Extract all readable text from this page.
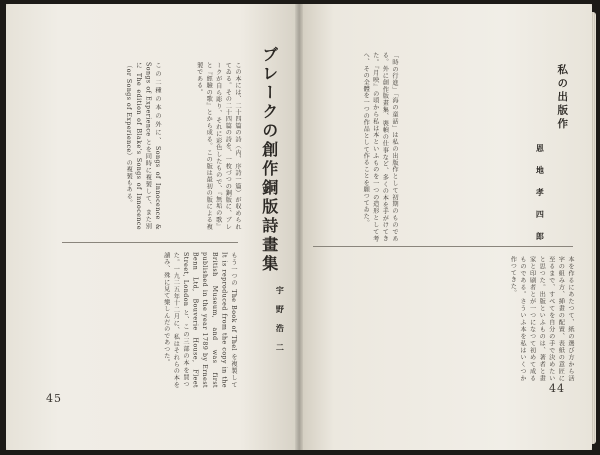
ブレークの創作銅版詩畫集
宇　野　浩　二
この本には、二十四篇の詩（内、序詩一篇）が収められてゐる。その二十四篇の詩を、一枚づつの銅版に、ブレークが自ら彫り、それに彩色したもので、『無垢の歌』と『經驗の歌』とから成る。この版は最初の版による複製である。
この二種の本の外に、Songs of Innocence & Songs of Experience とを同時に複製して、また別に The edition of Blake's Songs of Innocence（or Songs of Experience）の複製もある。
もう一つの The Book of Thel を複製して It is reproduced from the copy in the British Museum, and was first published in the year 1789 by Ernest Benn Ltd, Bouverie House, Fleet Street, London と、この三部の本を買つた。一九二五年十二月に、私はそれらの本を讀み、殊に見て樂しんだのであつた。
45
私の出版作
恩　地　孝　四　郎
「時の行進」「海の童話」は私の出版作として初期のものである。外に創作版畫集、裝幀の仕事など、多くの本を手がけてきた。『月映』の頃から私は本といふものを一つの造形として考へ、その全體を一つの作品として作ることを願つてゐた。
本を作るにあたつて、紙の選び方から活字の組み方、挿畫の配置、表紙の意匠に至るまで、すべてを自分の手で決めたいと思つた。出版といふものは、著者と畫家と印刷者とが一つになつて初めて成るものである。さういふ本を私はいくつか作つてきた。
44
